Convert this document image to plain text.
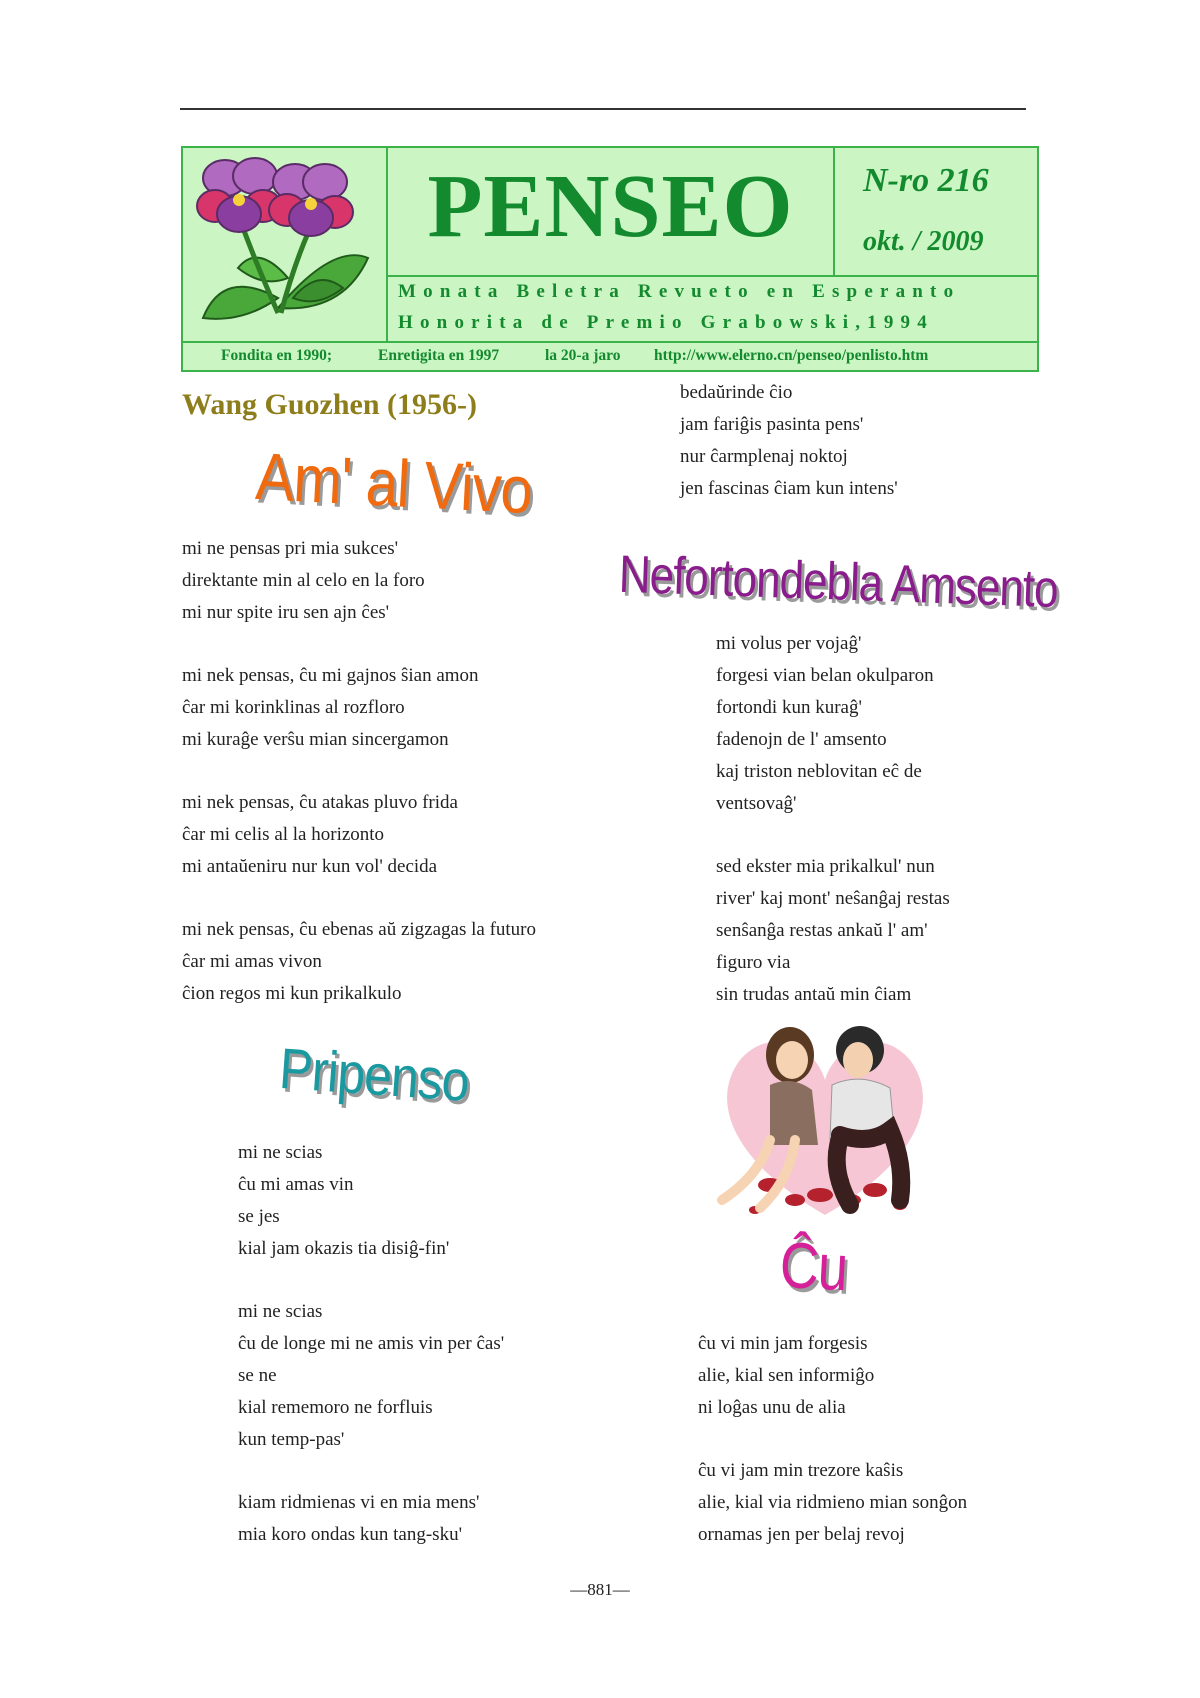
PENSEO	N-ro 216
okt. / 2009
Monata Beletra Revueto en Esperanto
Honorita de Premio Grabowski,1994
Fondita en 1990;	Enretigita en 1997	la 20-a jaro http://www.elerno.cn/penseo/penlisto.htm
Wang Guozhen (1956-)
Am' al Vivo
Nefortondebla Amsento
Pripenso
Ĉu
mi ne pensas pri mia sukces'
direktante min al celo en la foro
mi nur spite iru sen ajn ĉes'
mi nek pensas, ĉu mi gajnos ŝian amon
ĉar mi korinklinas al rozfloro
mi kuraĝe verŝu mian sincergamon
mi nek pensas, ĉu atakas pluvo frida
ĉar mi celis al la horizonto
mi antaŭeniru nur kun vol' decida
mi nek pensas, ĉu ebenas aŭ zigzagas la futuro
ĉar mi amas vivon
ĉion regos mi kun prikalkulo
bedaŭrinde ĉio
jam fariĝis pasinta pens'
nur ĉarmplenaj noktoj
jen fascinas ĉiam kun intens'
mi ne scias
ĉu mi amas vin
se jes
kial jam okazis tia disiĝ-fin'
mi ne scias
ĉu de longe mi ne amis vin per ĉas'
se ne
kial rememoro ne forfluis
kun temp-pas'
kiam ridmienas vi en mia mens'
mia koro ondas kun tang-sku'
mi volus per vojaĝ'
forgesi vian belan okulparon
fortondi kun kuraĝ'
fadenojn de l' amsento
kaj triston neblovitan eĉ de
ventsovaĝ'
sed ekster mia prikalkul' nun
river' kaj mont' neŝanĝaj restas
senŝanĝa restas ankaŭ l' am'
figuro via
sin trudas antaŭ min ĉiam
ĉu vi min jam forgesis
alie, kial sen informiĝo
ni loĝas unu de alia
ĉu vi jam min trezore kaŝis
alie, kial via ridmieno mian sonĝon
ornamas jen per belaj revoj
—881—
